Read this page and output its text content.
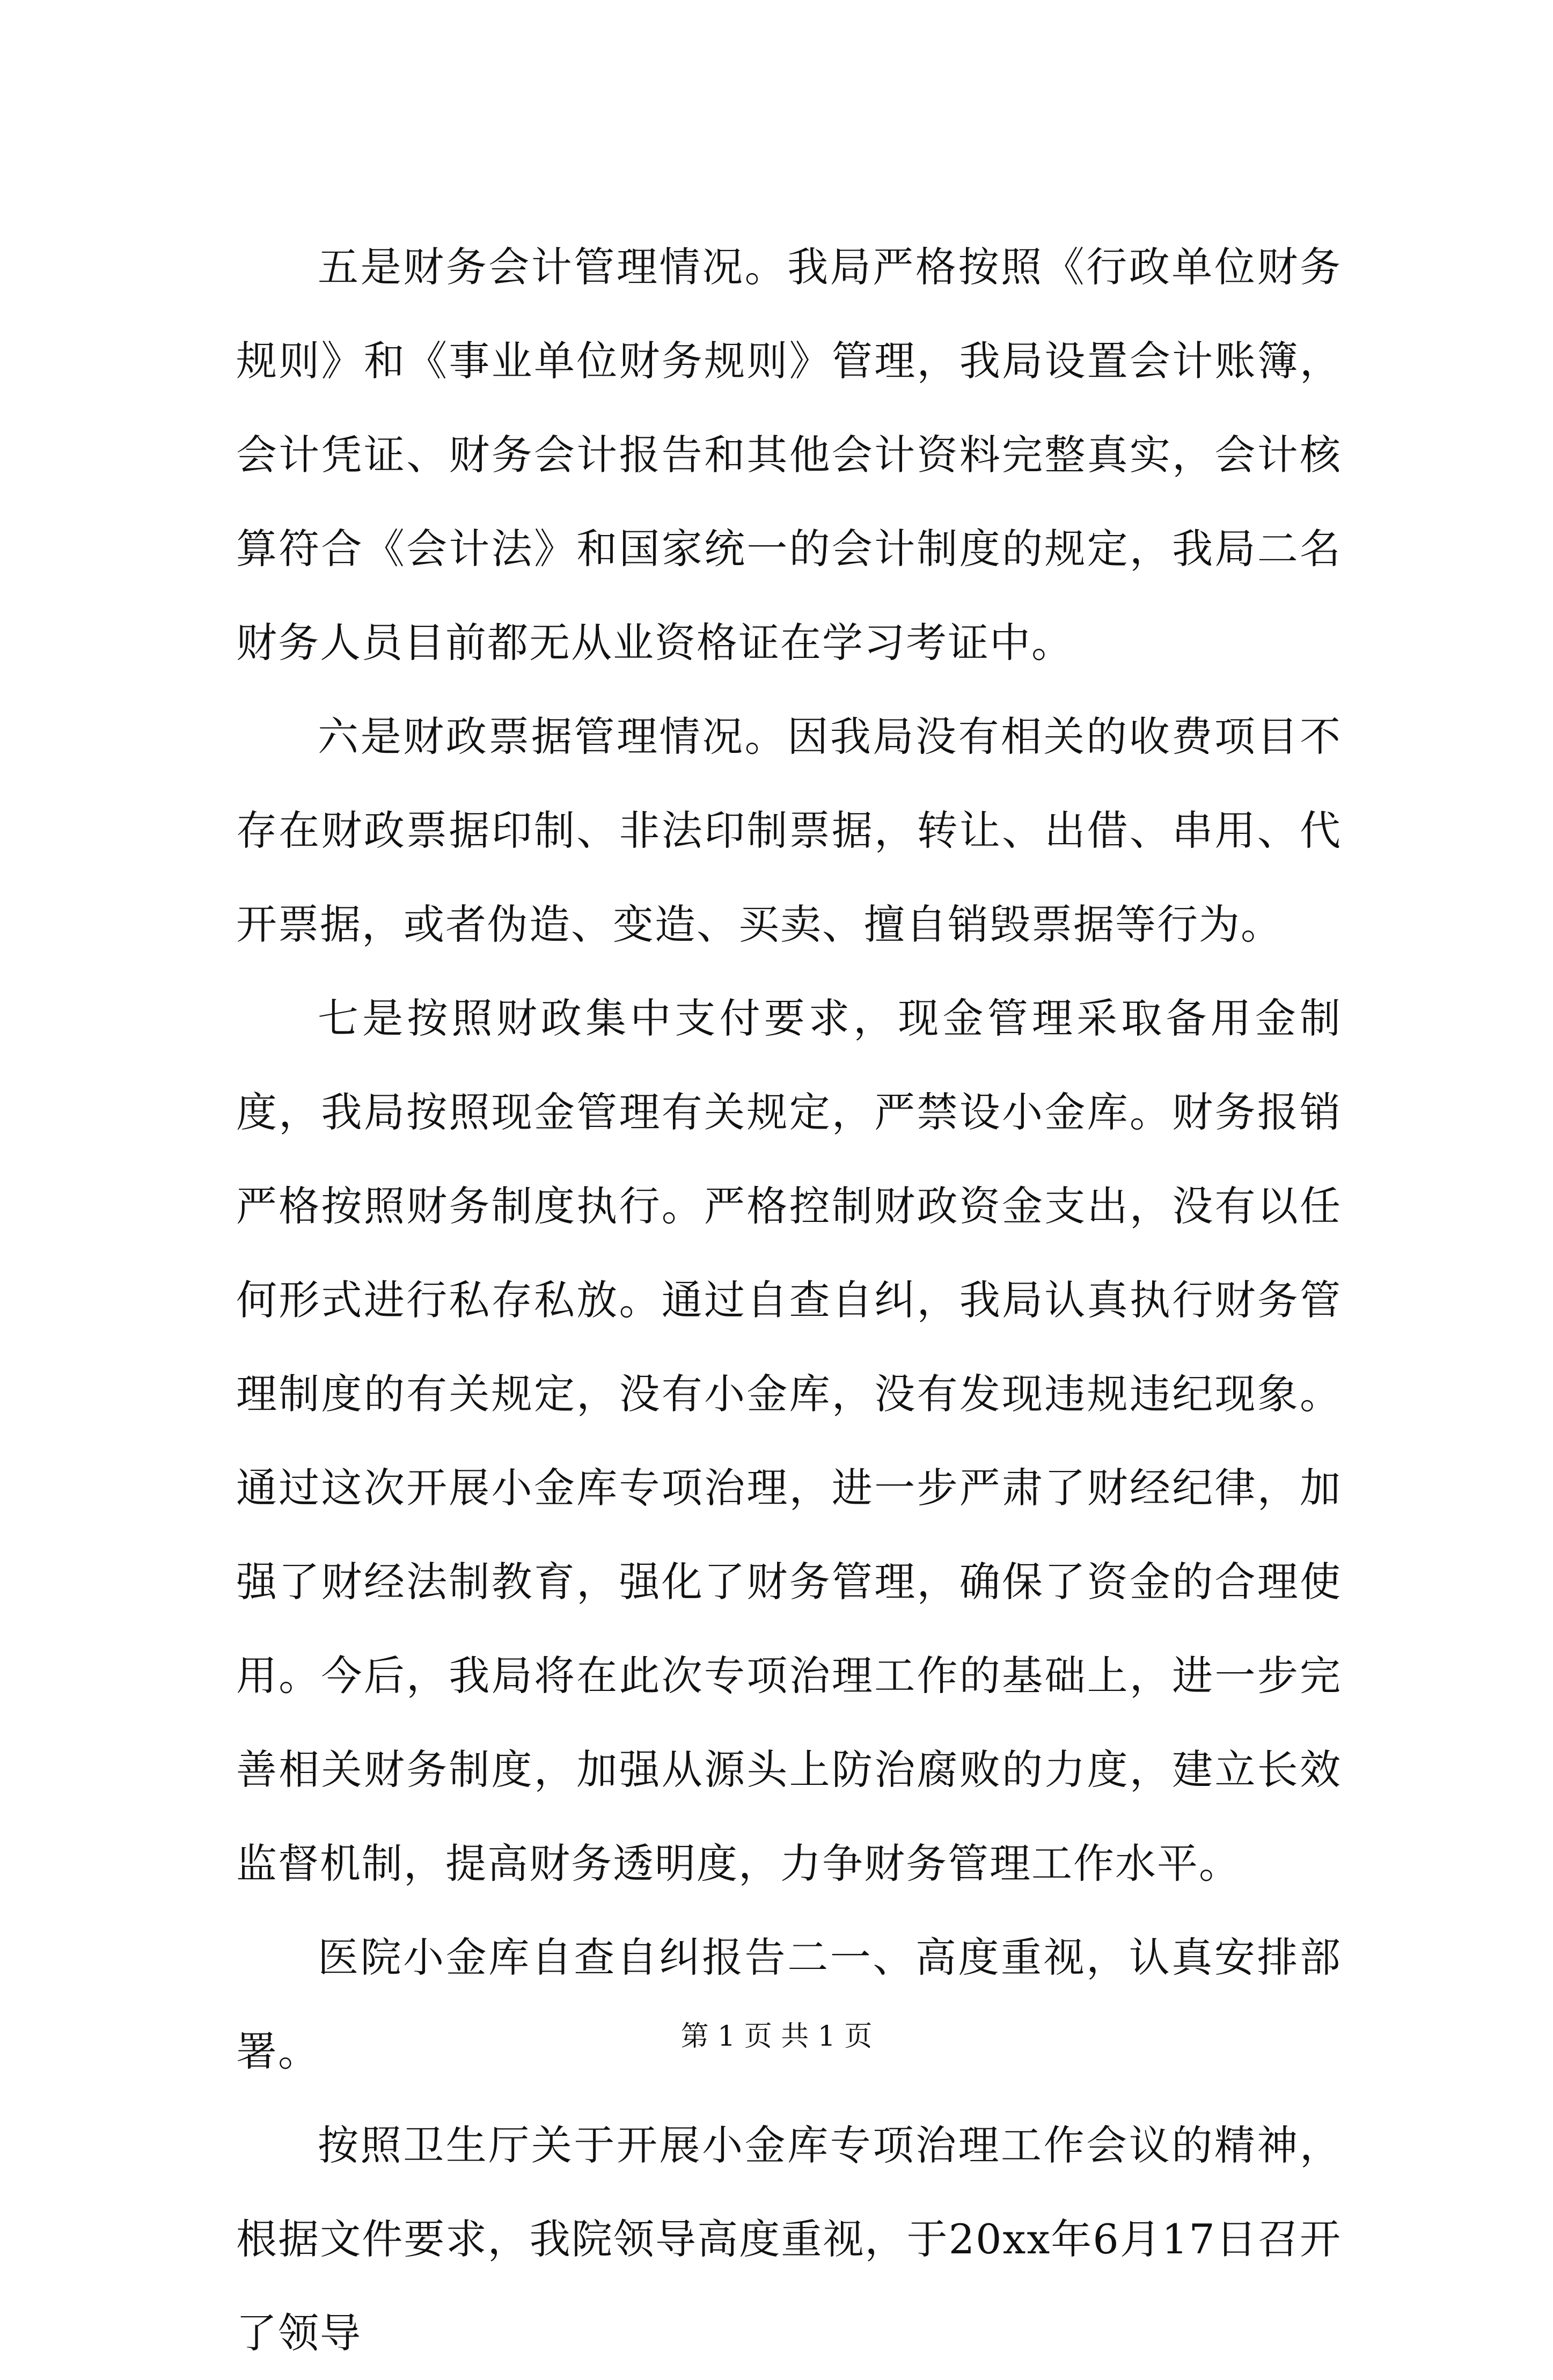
五是财务会计管理情况。我局严格按照《行政单位财务规则》和《事业单位财务规则》管理，我局设置会计账簿，会计凭证、财务会计报告和其他会计资料完整真实，会计核算符合《会计法》和国家统一的会计制度的规定，我局二名财务人员目前都无从业资格证在学习考证中。

六是财政票据管理情况。因我局没有相关的收费项目不存在财政票据印制、非法印制票据，转让、出借、串用、代开票据，或者伪造、变造、买卖、擅自销毁票据等行为。

七是按照财政集中支付要求，现金管理采取备用金制度，我局按照现金管理有关规定，严禁设小金库。财务报销严格按照财务制度执行。严格控制财政资金支出，没有以任何形式进行私存私放。通过自查自纠，我局认真执行财务管理制度的有关规定，没有小金库，没有发现违规违纪现象。通过这次开展小金库专项治理，进一步严肃了财经纪律，加强了财经法制教育，强化了财务管理，确保了资金的合理使用。今后，我局将在此次专项治理工作的基础上，进一步完善相关财务制度，加强从源头上防治腐败的力度，建立长效监督机制，提高财务透明度，力争财务管理工作水平。

医院小金库自查自纠报告二一、高度重视，认真安排部署。

按照卫生厅关于开展小金库专项治理工作会议的精神，根据文件要求，我院领导高度重视，于20xx年6月17日召开了领导

第 1 页 共 1 页
